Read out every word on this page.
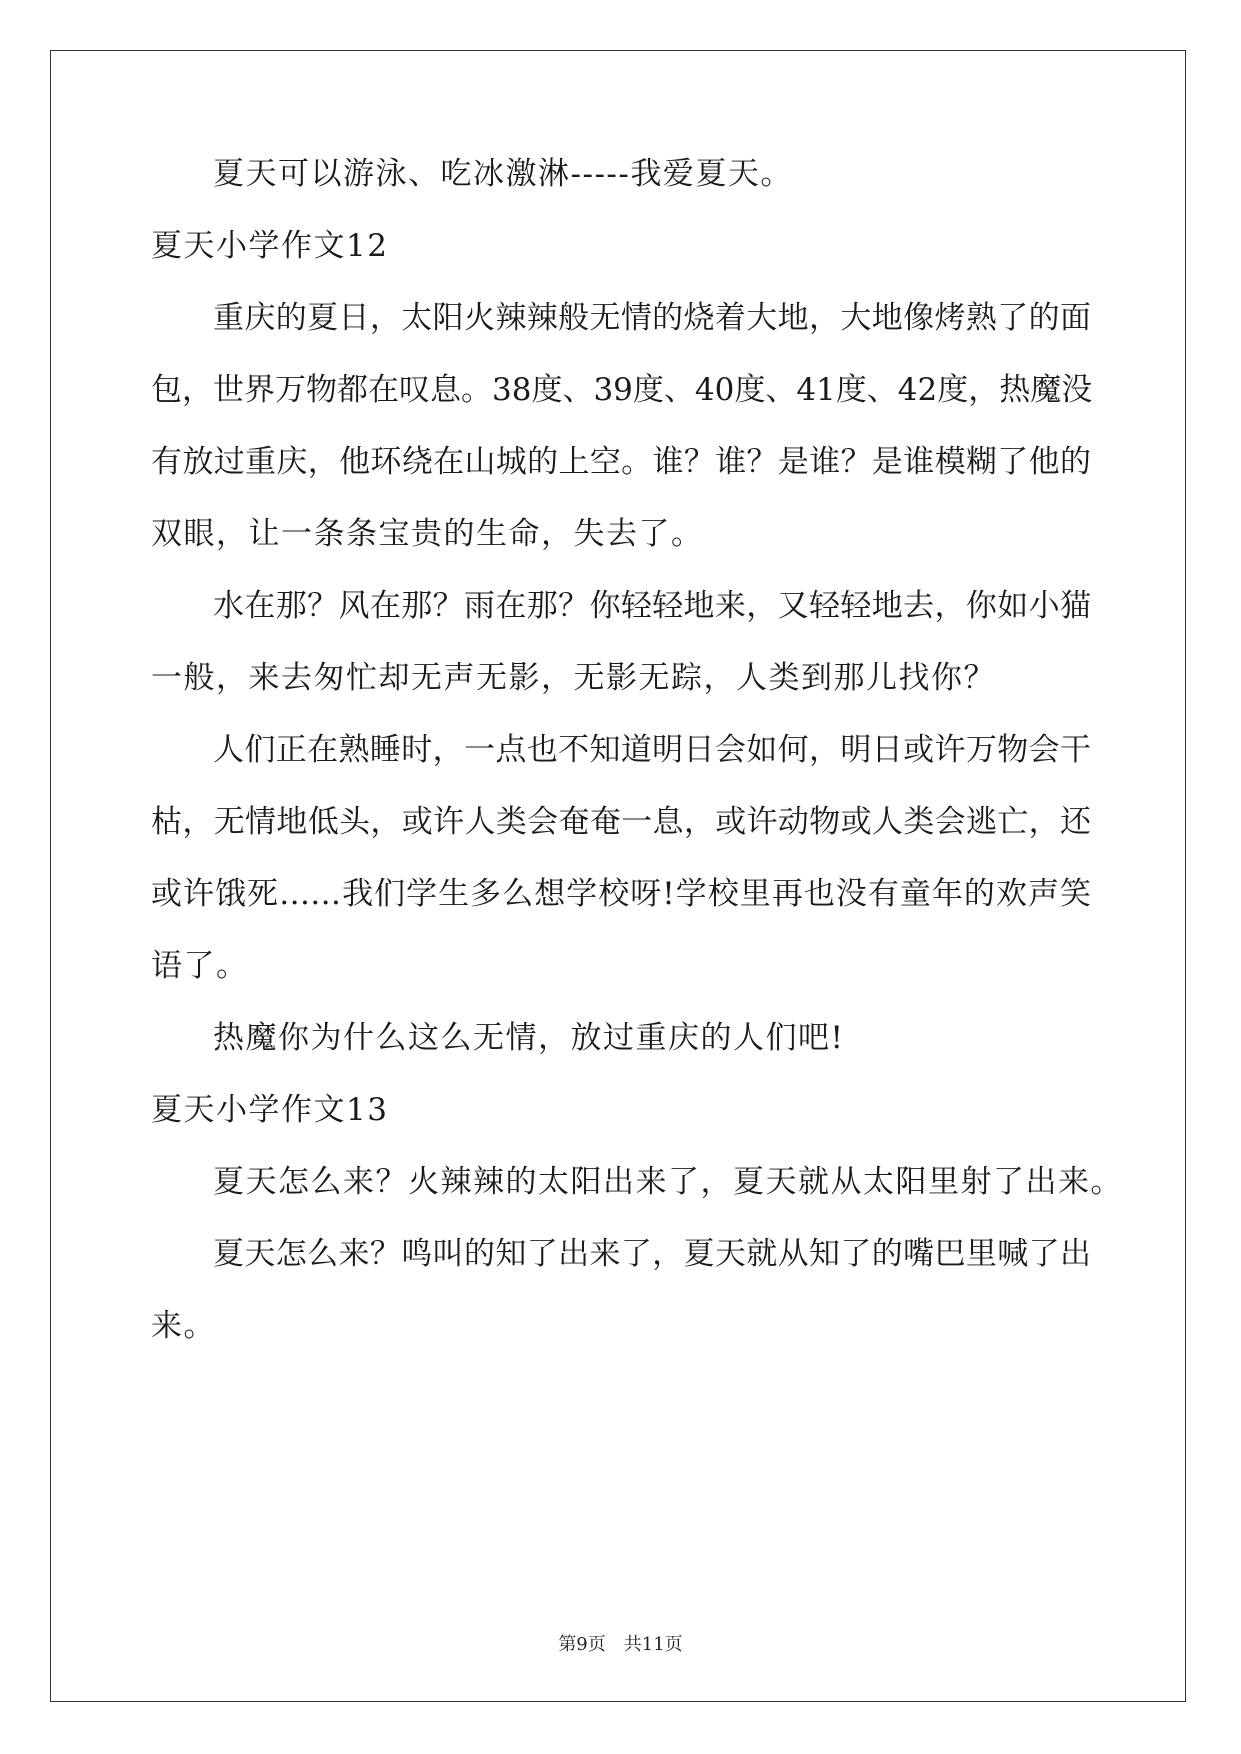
夏天可以游泳、吃冰激淋-----我爱夏天。
夏天小学作文12
重庆的夏日，太阳火辣辣般无情的烧着大地，大地像烤熟了的面
包，世界万物都在叹息。38度、39度、40度、41度、42度，热魔没
有放过重庆，他环绕在山城的上空。谁？谁？是谁？是谁模糊了他的
双眼，让一条条宝贵的生命，失去了。
水在那？风在那？雨在那？你轻轻地来，又轻轻地去，你如小猫
一般，来去匆忙却无声无影，无影无踪，人类到那儿找你？
人们正在熟睡时，一点也不知道明日会如何，明日或许万物会干
枯，无情地低头，或许人类会奄奄一息，或许动物或人类会逃亡，还
或许饿死……我们学生多么想学校呀!学校里再也没有童年的欢声笑
语了。
热魔你为什么这么无情，放过重庆的人们吧!
夏天小学作文13
夏天怎么来？火辣辣的太阳出来了，夏天就从太阳里射了出来。
夏天怎么来？鸣叫的知了出来了，夏天就从知了的嘴巴里喊了出
来。
第9页　共11页
